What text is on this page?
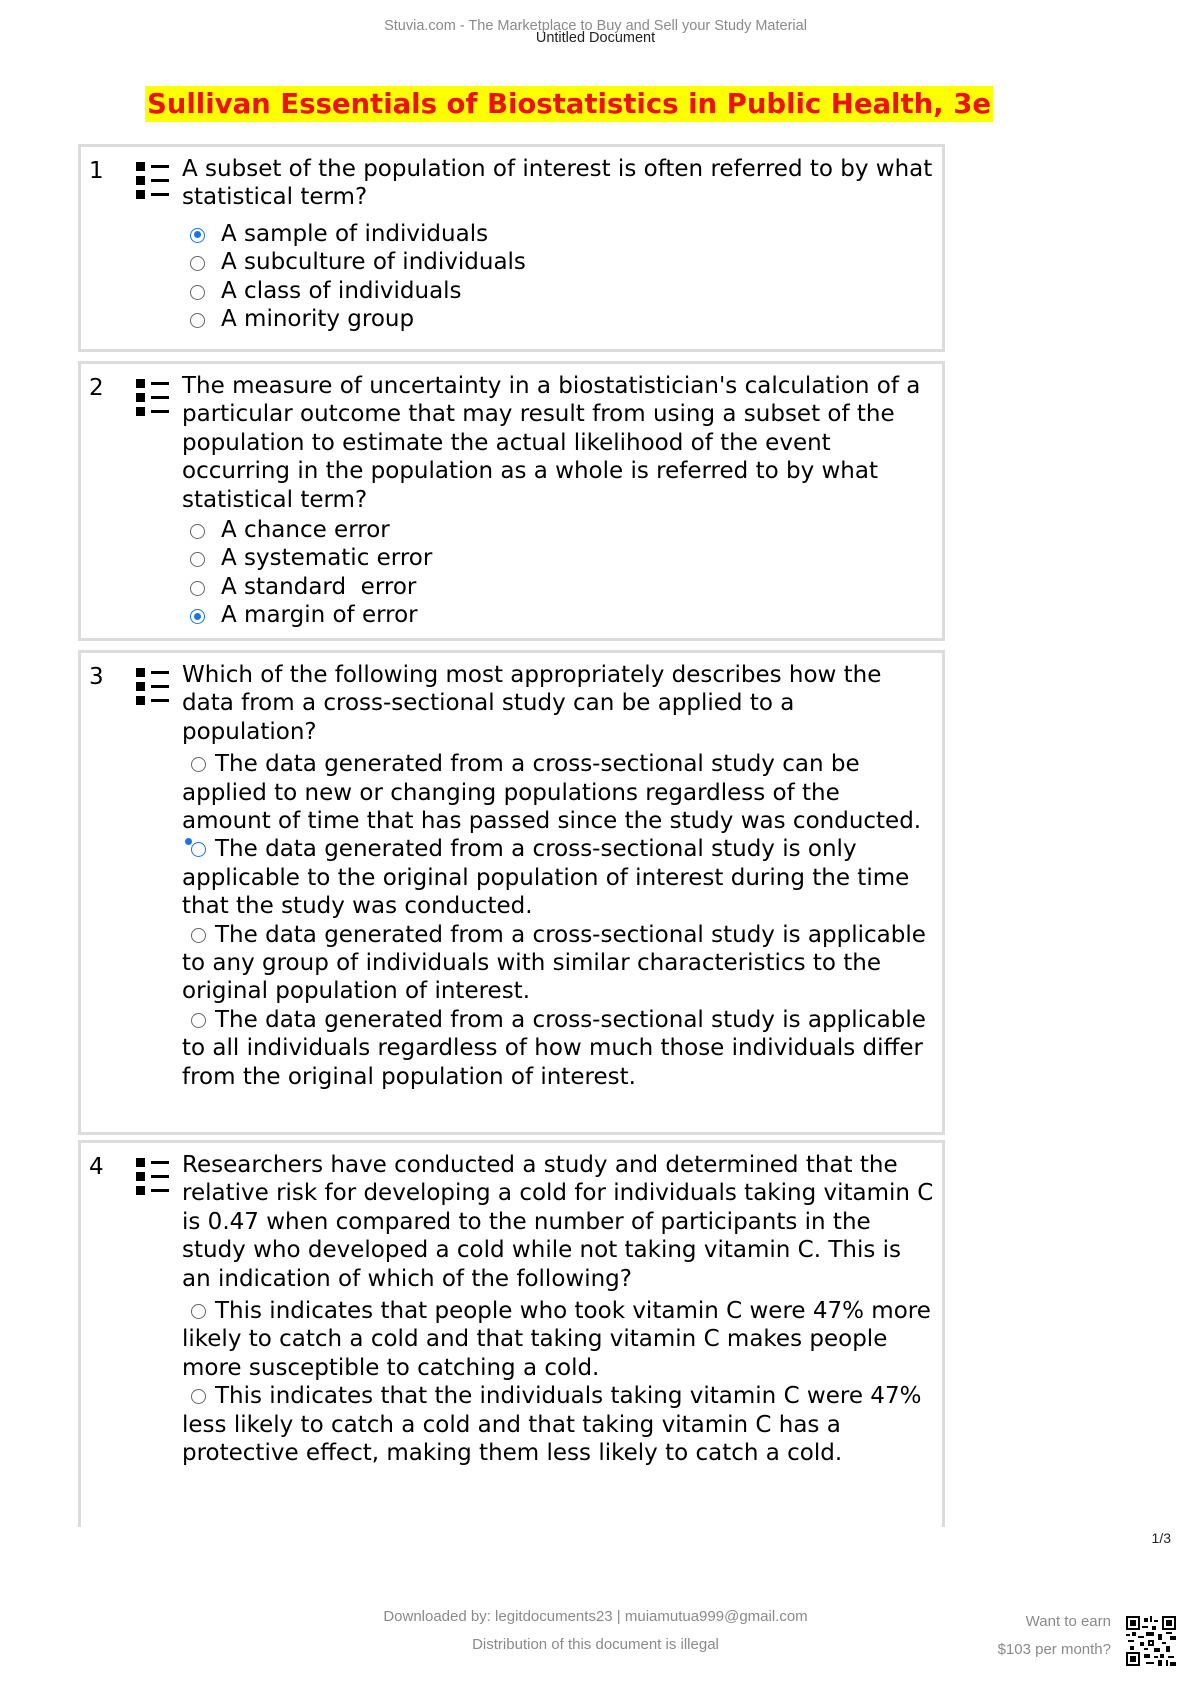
Stuvia.com - The Marketplace to Buy and Sell your Study Material
Untitled Document
Sullivan Essentials of Biostatistics in Public Health, 3e
1	A subset of the population of interest is often referred to by what statistical term?

A sample of individuals
A subculture of individuals
A class of individuals
A minority group
2	The measure of uncertainty in a biostatistician's calculation of a particular outcome that may result from using a subset of the population to estimate the actual likelihood of the event occurring in the population as a whole is referred to by what statistical term?

A chance error
A systematic error
A standard  error
A margin of error
3	Which of the following most appropriately describes how the data from a cross-sectional study can be applied to a population?

The data generated from a cross-sectional study can be applied to new or changing populations regardless of the amount of time that has passed since the study was conducted.
The data generated from a cross-sectional study is only applicable to the original population of interest during the time that the study was conducted.
The data generated from a cross-sectional study is applicable to any group of individuals with similar characteristics to the original population of interest.
The data generated from a cross-sectional study is applicable to all individuals regardless of how much those individuals differ from the original population of interest.
4	Researchers have conducted a study and determined that the relative risk for developing a cold for individuals taking vitamin C is 0.47 when compared to the number of participants in the study who developed a cold while not taking vitamin C. This is an indication of which of the following?

This indicates that people who took vitamin C were 47% more likely to catch a cold and that taking vitamin C makes people more susceptible to catching a cold.
This indicates that the individuals taking vitamin C were 47% less likely to catch a cold and that taking vitamin C has a protective effect, making them less likely to catch a cold.
1/3
Downloaded by: legitdocuments23 | muiamutua999@gmail.com
Distribution of this document is illegal
Want to earn
$103 per month?
